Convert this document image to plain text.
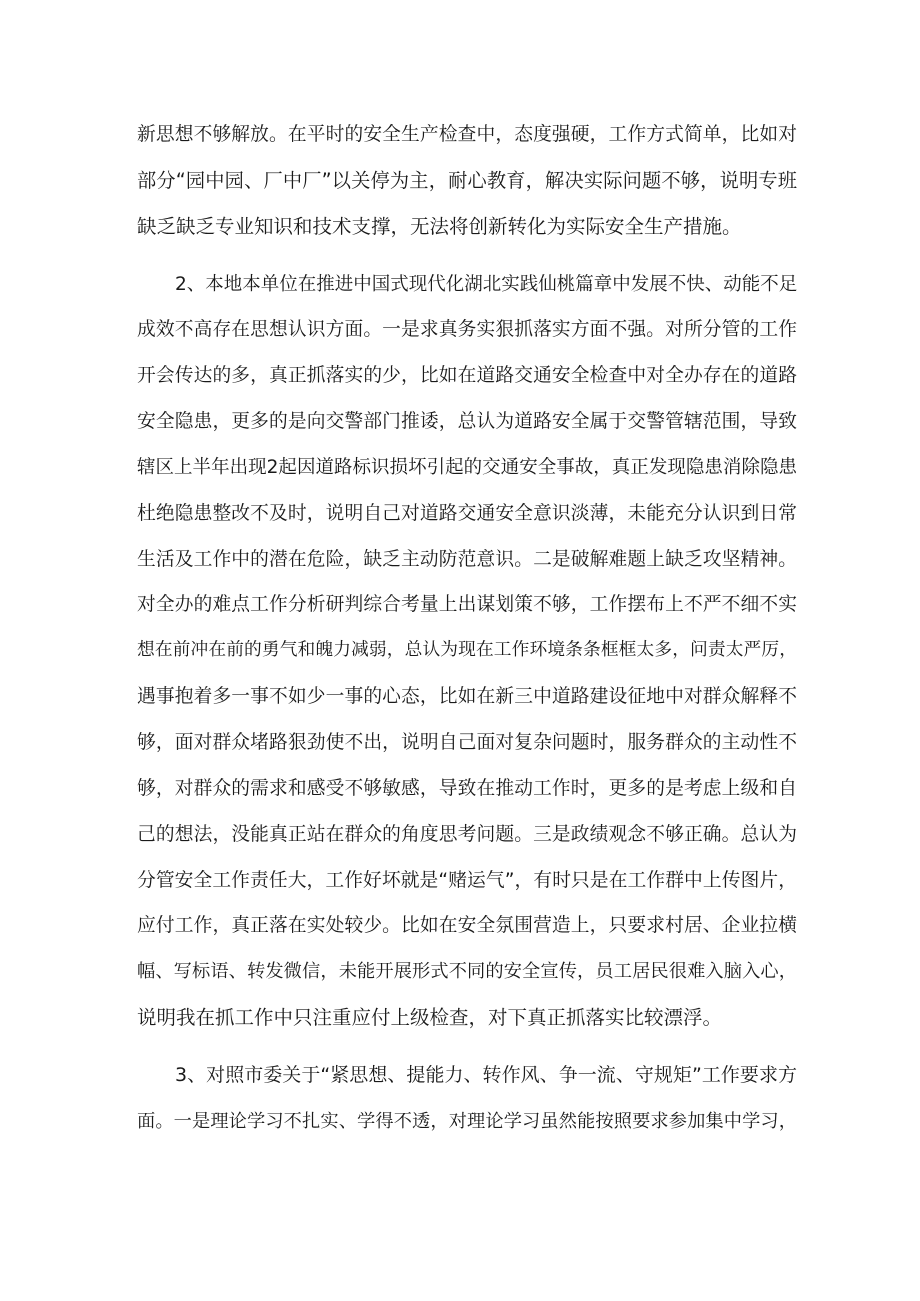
新思想不够解放。在平时的安全生产检查中，态度强硬，工作方式简单，比如对
部分“园中园、厂中厂”以关停为主，耐心教育，解决实际问题不够，说明专班
缺乏缺乏专业知识和技术支撑，无法将创新转化为实际安全生产措施。
2、本地本单位在推进中国式现代化湖北实践仙桃篇章中发展不快、动能不足
成效不高存在思想认识方面。一是求真务实狠抓落实方面不强。对所分管的工作
开会传达的多，真正抓落实的少，比如在道路交通安全检查中对全办存在的道路
安全隐患，更多的是向交警部门推诿，总认为道路安全属于交警管辖范围，导致
辖区上半年出现2起因道路标识损坏引起的交通安全事故，真正发现隐患消除隐患
杜绝隐患整改不及时，说明自己对道路交通安全意识淡薄，未能充分认识到日常
生活及工作中的潜在危险，缺乏主动防范意识。二是破解难题上缺乏攻坚精神。
对全办的难点工作分析研判综合考量上出谋划策不够，工作摆布上不严不细不实
想在前冲在前的勇气和魄力减弱，总认为现在工作环境条条框框太多，问责太严厉，
遇事抱着多一事不如少一事的心态，比如在新三中道路建设征地中对群众解释不
够，面对群众堵路狠劲使不出，说明自己面对复杂问题时，服务群众的主动性不
够，对群众的需求和感受不够敏感，导致在推动工作时，更多的是考虑上级和自
己的想法，没能真正站在群众的角度思考问题。三是政绩观念不够正确。总认为
分管安全工作责任大，工作好坏就是“赌运气”，有时只是在工作群中上传图片，
应付工作，真正落在实处较少。比如在安全氛围营造上，只要求村居、企业拉横
幅、写标语、转发微信，未能开展形式不同的安全宣传，员工居民很难入脑入心，
说明我在抓工作中只注重应付上级检查，对下真正抓落实比较漂浮。
3、对照市委关于“紧思想、提能力、转作风、争一流、守规矩”工作要求方
面。一是理论学习不扎实、学得不透，对理论学习虽然能按照要求参加集中学习，
